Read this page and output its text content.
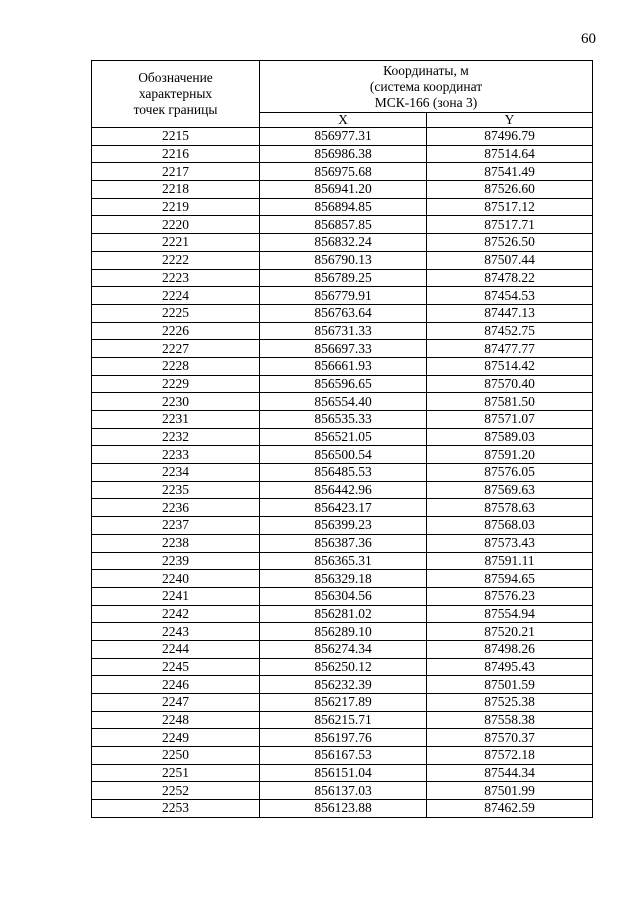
60
Обозначение
характерных
точек границы	Координаты, м
(система координат
МСК-166 (зона 3)	

	X	Y
2215	856977.31	87496.79
2216	856986.38	87514.64
2217	856975.68	87541.49
2218	856941.20	87526.60
2219	856894.85	87517.12
2220	856857.85	87517.71
2221	856832.24	87526.50
2222	856790.13	87507.44
2223	856789.25	87478.22
2224	856779.91	87454.53
2225	856763.64	87447.13
2226	856731.33	87452.75
2227	856697.33	87477.77
2228	856661.93	87514.42
2229	856596.65	87570.40
2230	856554.40	87581.50
2231	856535.33	87571.07
2232	856521.05	87589.03
2233	856500.54	87591.20
2234	856485.53	87576.05
2235	856442.96	87569.63
2236	856423.17	87578.63
2237	856399.23	87568.03
2238	856387.36	87573.43
2239	856365.31	87591.11
2240	856329.18	87594.65
2241	856304.56	87576.23
2242	856281.02	87554.94
2243	856289.10	87520.21
2244	856274.34	87498.26
2245	856250.12	87495.43
2246	856232.39	87501.59
2247	856217.89	87525.38
2248	856215.71	87558.38
2249	856197.76	87570.37
2250	856167.53	87572.18
2251	856151.04	87544.34
2252	856137.03	87501.99
2253	856123.88	87462.59
